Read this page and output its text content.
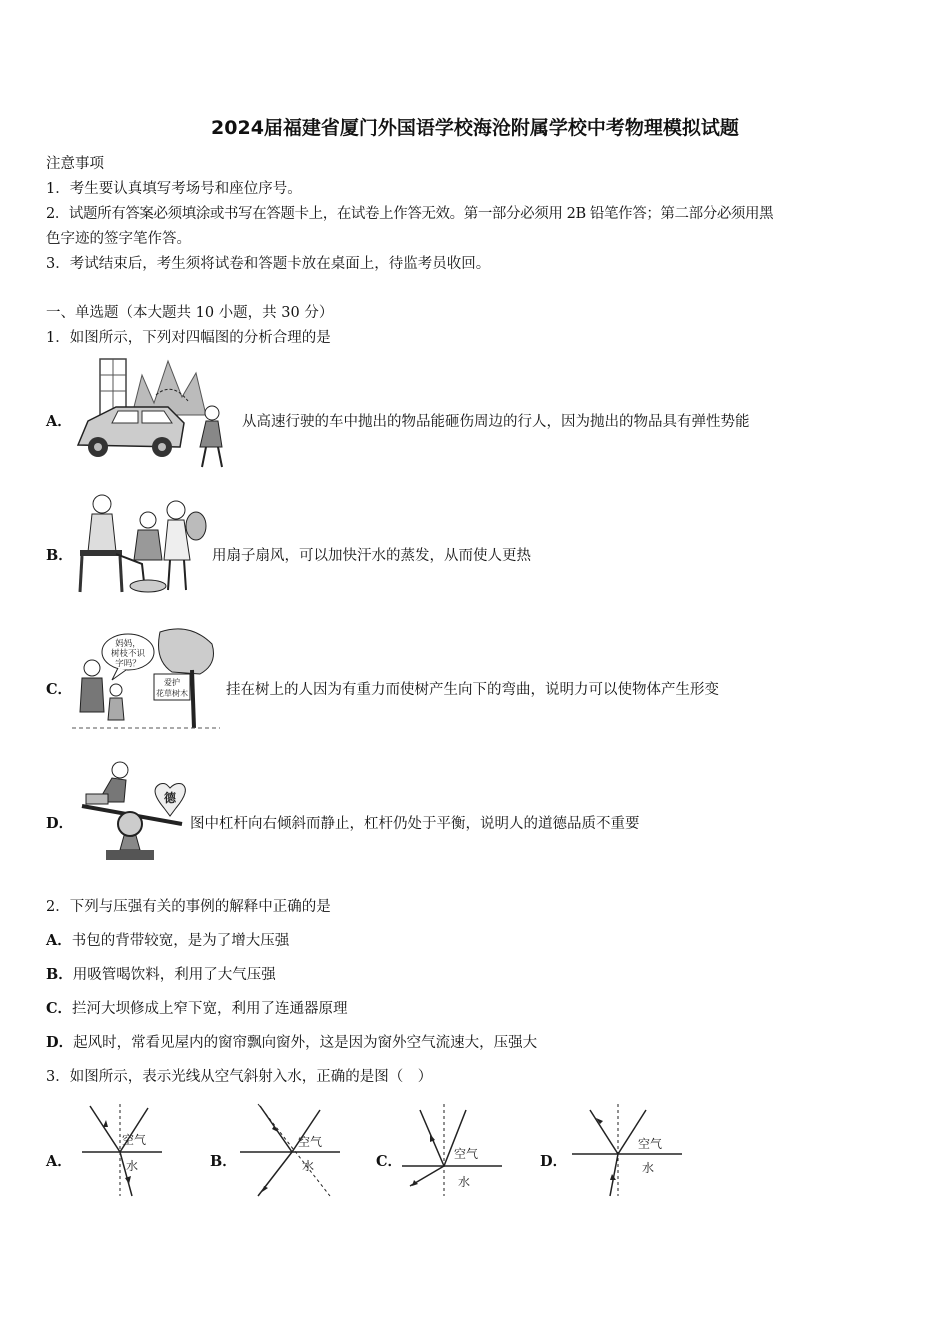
2024届福建省厦门外国语学校海沧附属学校中考物理模拟试题
注意事项
1．考生要认真填写考场号和座位序号。
2．试题所有答案必须填涂或书写在答题卡上，在试卷上作答无效。第一部分必须用 2B 铅笔作答；第二部分必须用黑
色字迹的签字笔作答。
3．考试结束后，考生须将试卷和答题卡放在桌面上，待监考员收回。
一、单选题（本大题共 10 小题，共 30 分）
1．如图所示，下列对四幅图的分析合理的是
A．	从高速行驶的车中抛出的物品能砸伤周边的行人，因为抛出的物品具有弹性势能
B．	用扇子扇风，可以加快汗水的蒸发，从而使人更热
C．
妈妈，
树枝不识
字吗？
爱护
花草树木	挂在树上的人因为有重力而使树产生向下的弯曲，说明力可以使物体产生形变
D．
德
图中杠杆向右倾斜而静止，杠杆仍处于平衡，说明人的道德品质不重要
2．下列与压强有关的事例的解释中正确的是
A．书包的背带较宽，是为了增大压强
B．用吸管喝饮料，利用了大气压强
C．拦河大坝修成上窄下宽，利用了连通器原理
D．起风时，常看见屋内的窗帘飘向窗外，这是因为窗外空气流速大，压强大
3．如图所示，表示光线从空气斜射入水，正确的是图（　）
A．
空气
水	B．
空气
水	C．	空气
水
D．
空气
水
